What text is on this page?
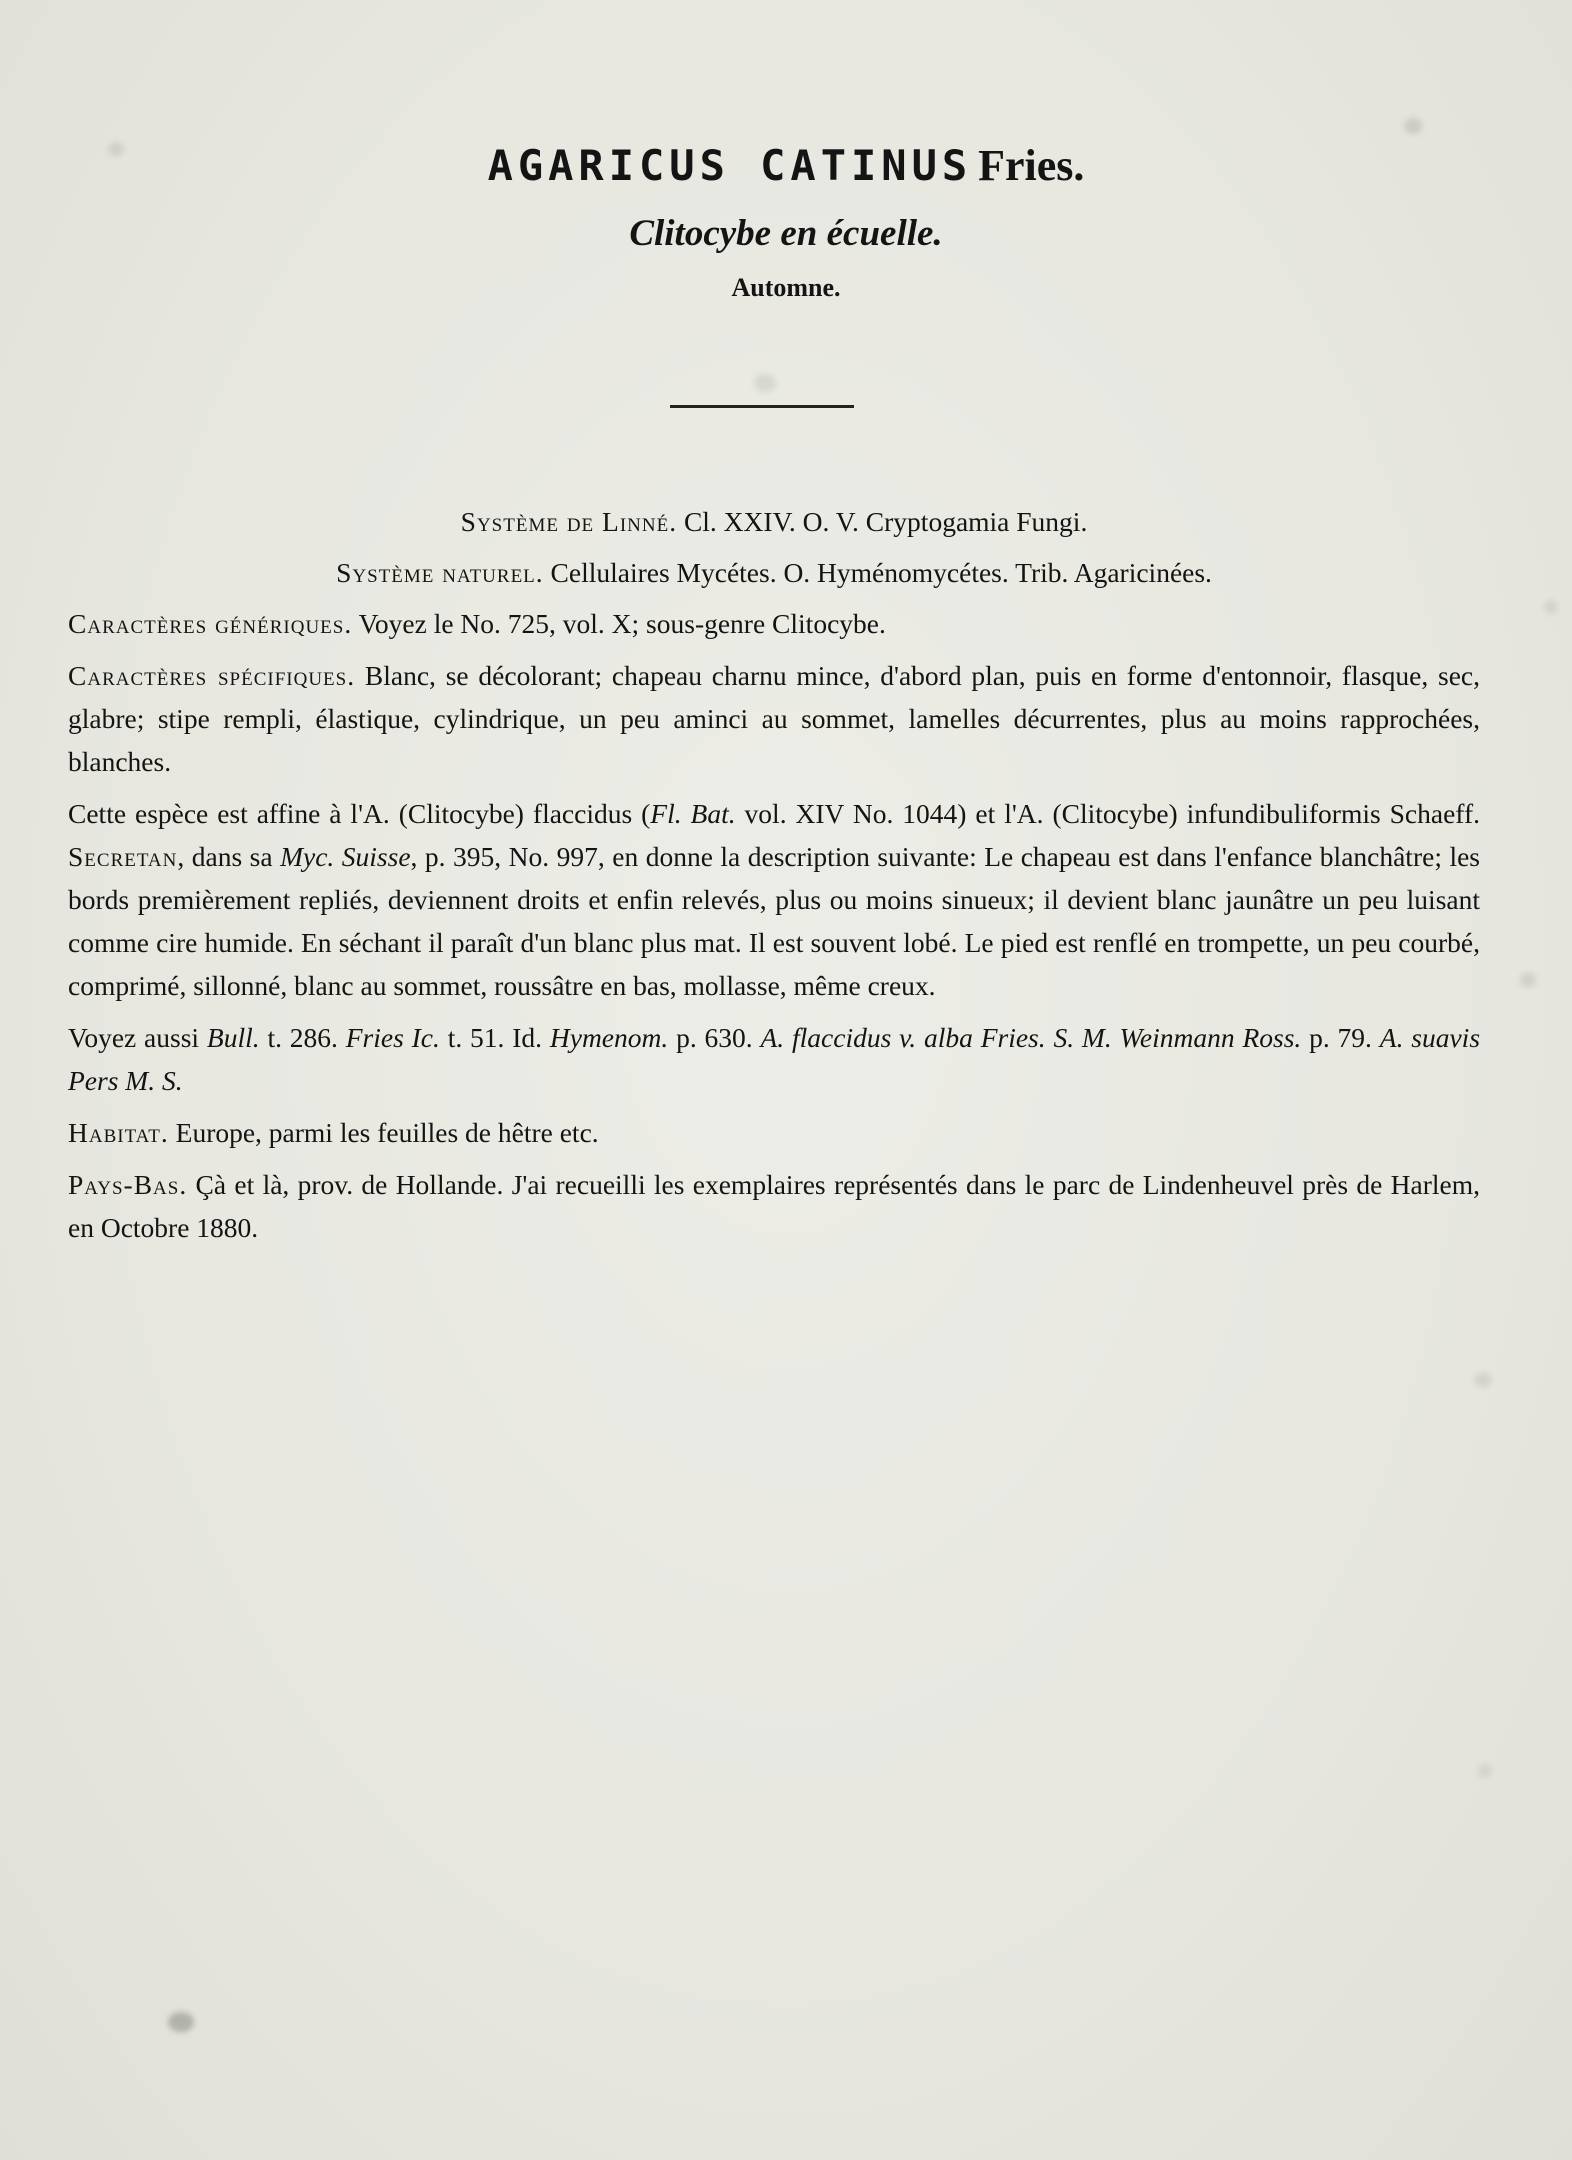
AGARICUS CATINUS Fries.
Clitocybe en écuelle.
Automne.

Système de Linné. Cl. XXIV. O. V. Cryptogamia Fungi.

Système naturel. Cellulaires Mycétes. O. Hyménomycétes. Trib. Agaricinées.

Caractères génériques. Voyez le No. 725, vol. X; sous-genre Clitocybe.

Caractères spécifiques. Blanc, se décolorant; chapeau charnu mince, d'abord plan, puis en forme d'entonnoir, flasque, sec, glabre; stipe rempli, élastique, cylindrique, un peu aminci au sommet, lamelles décurrentes, plus au moins rapprochées, blanches.

Cette espèce est affine à l'A. (Clitocybe) flaccidus (Fl. Bat. vol. XIV No. 1044) et l'A. (Clitocybe) infundibuliformis Schaeff. Secretan, dans sa Myc. Suisse, p. 395, No. 997, en donne la description suivante: Le chapeau est dans l'enfance blanchâtre; les bords premièrement repliés, deviennent droits et enfin relevés, plus ou moins sinueux; il devient blanc jaunâtre un peu luisant comme cire humide. En séchant il paraît d'un blanc plus mat. Il est souvent lobé. Le pied est renflé en trompette, un peu courbé, comprimé, sillonné, blanc au sommet, roussâtre en bas, mollasse, même creux.

Voyez aussi Bull. t. 286. Fries Ic. t. 51. Id. Hymenom. p. 630. A. flaccidus v. alba Fries. S. M. Weinmann Ross. p. 79. A. suavis Pers M. S.

Habitat. Europe, parmi les feuilles de hêtre etc.

Pays-Bas. Çà et là, prov. de Hollande. J'ai recueilli les exemplaires représentés dans le parc de Lindenheuvel près de Harlem, en Octobre 1880.
